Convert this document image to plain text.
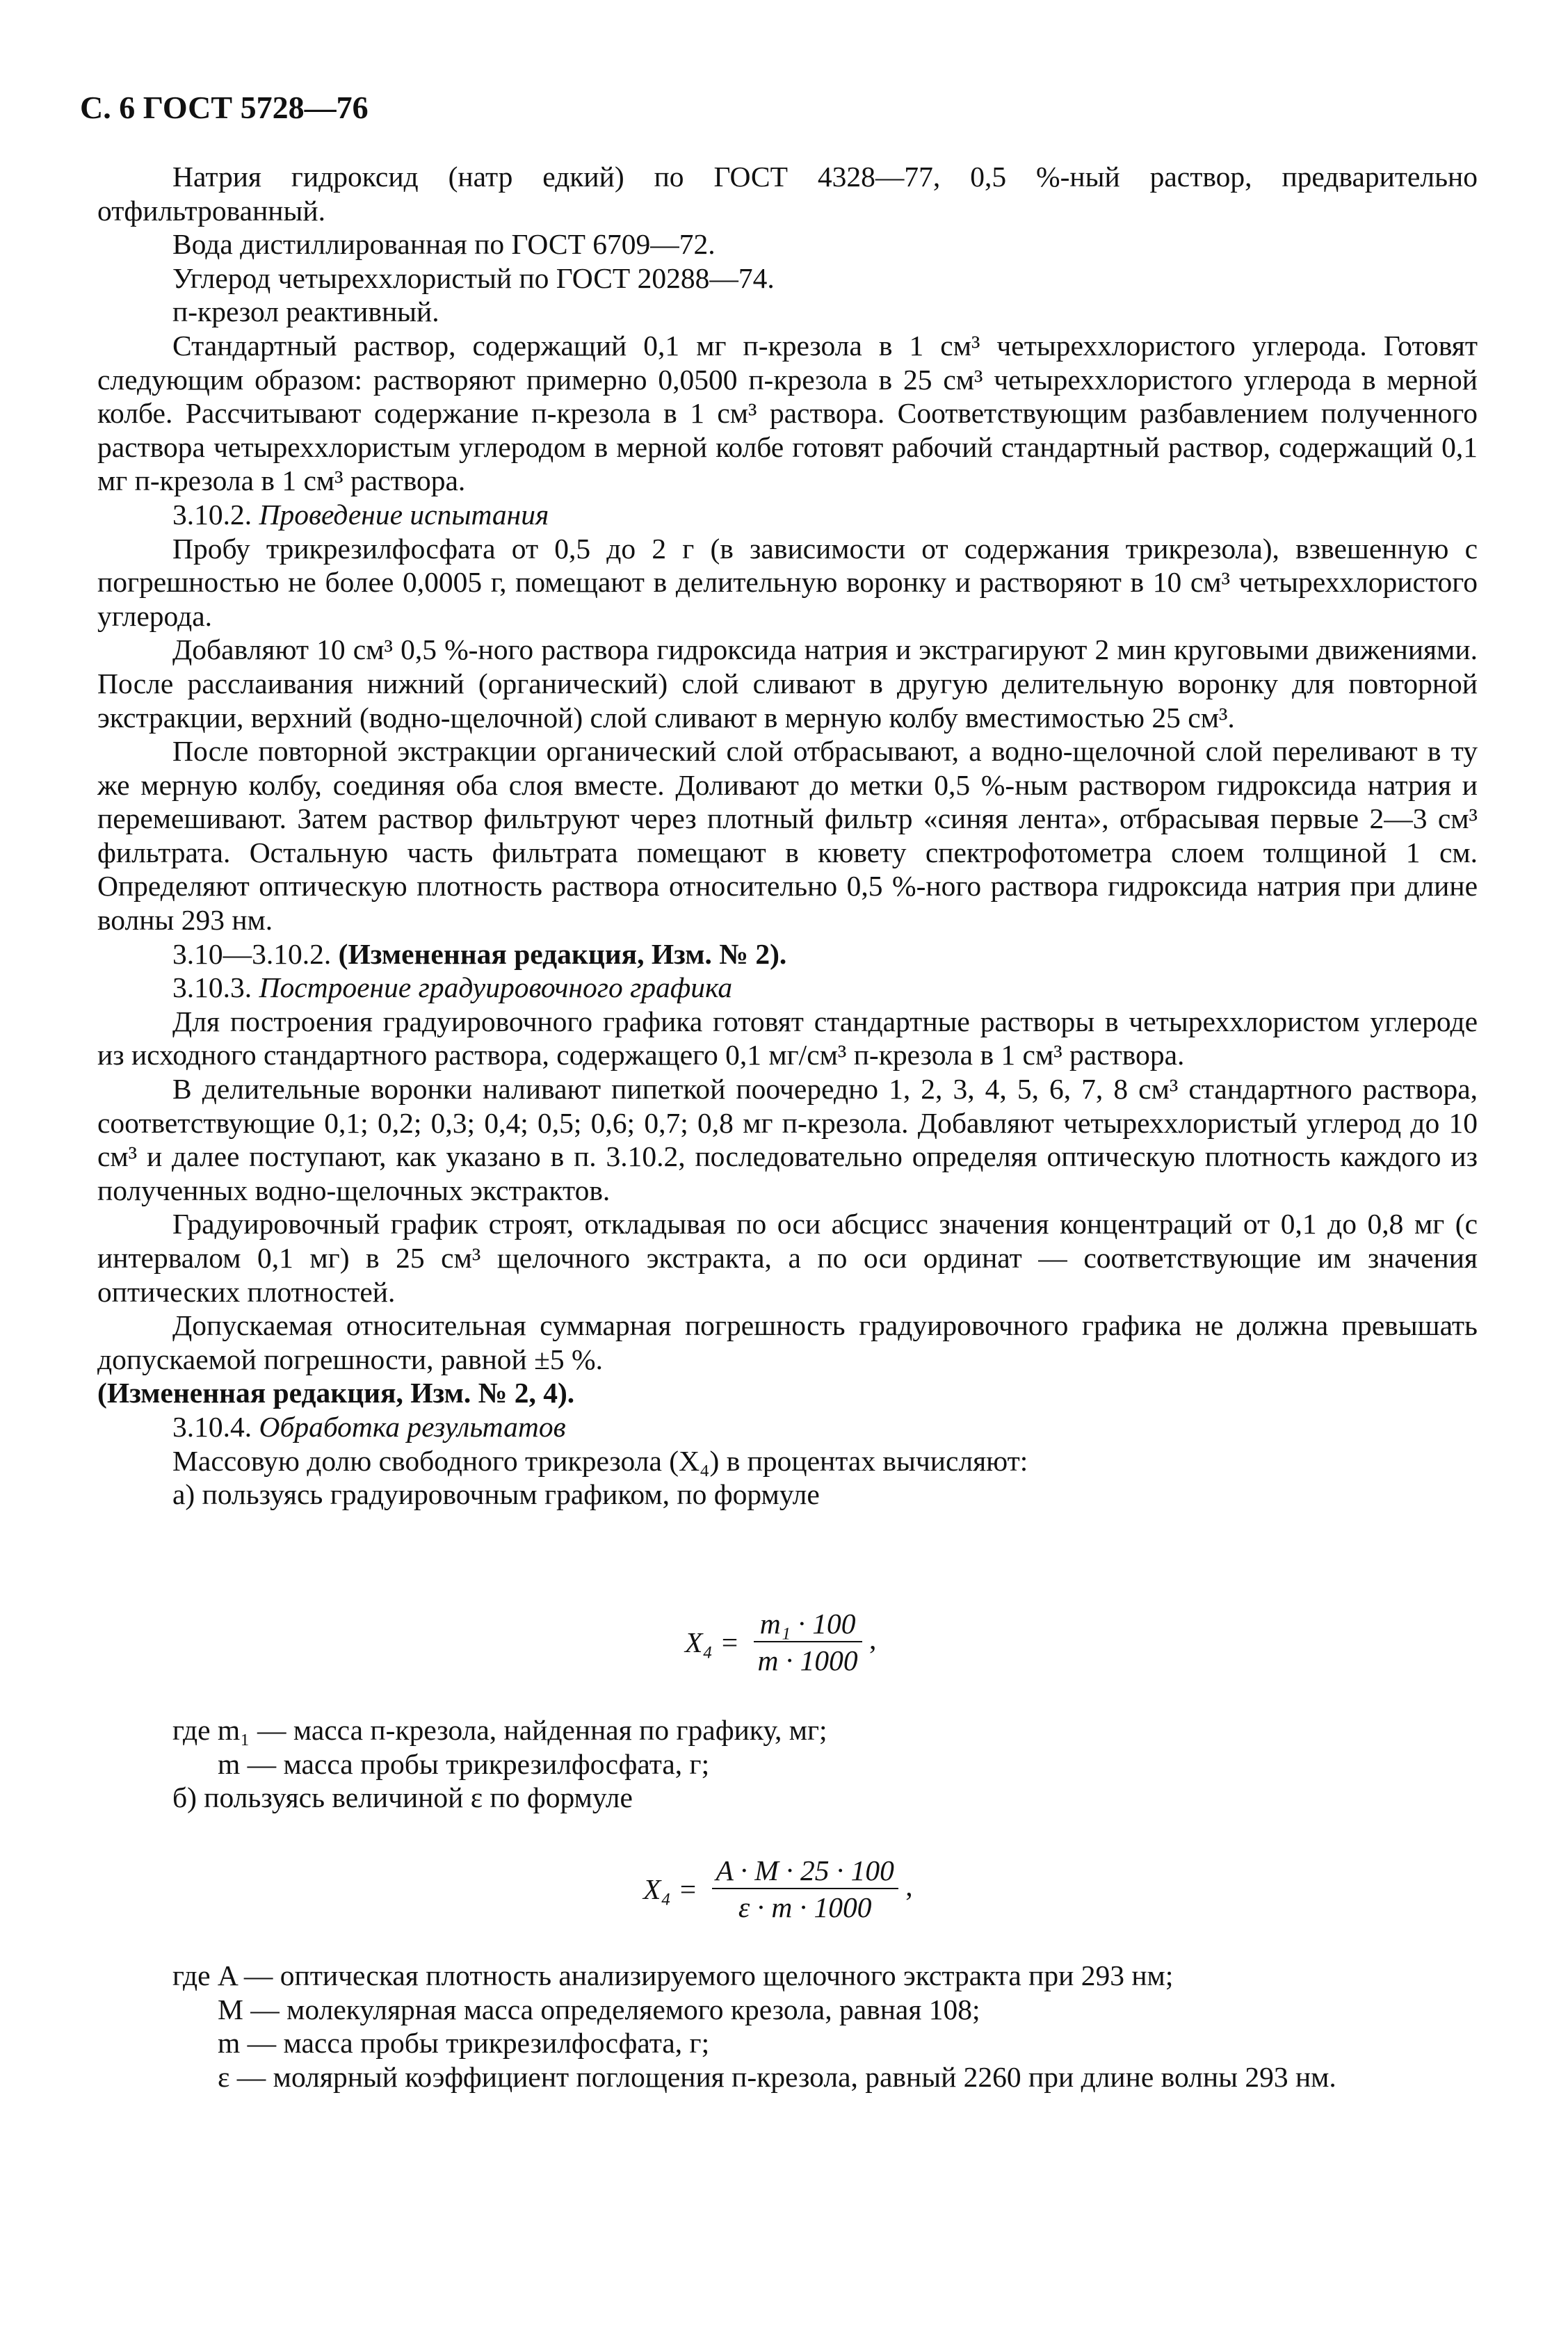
С. 6 ГОСТ 5728—76

Натрия гидроксид (натр едкий) по ГОСТ 4328—77, 0,5 %-ный раствор, предварительно отфильтрованный.

Вода дистиллированная по ГОСТ 6709—72.

Углерод четыреххлористый по ГОСТ 20288—74.

п-крезол реактивный.

Стандартный раствор, содержащий 0,1 мг п-крезола в 1 см³ четыреххлористого углерода. Готовят следующим образом: растворяют примерно 0,0500 п-крезола в 25 см³ четыреххлористого углерода в мерной колбе. Рассчитывают содержание п-крезола в 1 см³ раствора. Соответствующим разбавлением полученного раствора четыреххлористым углеродом в мерной колбе готовят рабочий стандартный раствор, содержащий 0,1 мг п-крезола в 1 см³ раствора.

3.10.2. Проведение испытания

Пробу трикрезилфосфата от 0,5 до 2 г (в зависимости от содержания трикрезола), взвешенную с погрешностью не более 0,0005 г, помещают в делительную воронку и растворяют в 10 см³ четыреххлористого углерода.

Добавляют 10 см³ 0,5 %-ного раствора гидроксида натрия и экстрагируют 2 мин круговыми движениями. После расслаивания нижний (органический) слой сливают в другую делительную воронку для повторной экстракции, верхний (водно-щелочной) слой сливают в мерную колбу вместимостью 25 см³.

После повторной экстракции органический слой отбрасывают, а водно-щелочной слой переливают в ту же мерную колбу, соединяя оба слоя вместе. Доливают до метки 0,5 %-ным раствором гидроксида натрия и перемешивают. Затем раствор фильтруют через плотный фильтр «синяя лента», отбрасывая первые 2—3 см³ фильтрата. Остальную часть фильтрата помещают в кювету спектрофотометра слоем толщиной 1 см. Определяют оптическую плотность раствора относительно 0,5 %-ного раствора гидроксида натрия при длине волны 293 нм.

3.10—3.10.2. (Измененная редакция, Изм. № 2).

3.10.3. Построение градуировочного графика

Для построения градуировочного графика готовят стандартные растворы в четыреххлористом углероде из исходного стандартного раствора, содержащего 0,1 мг/см³ п-крезола в 1 см³ раствора.

В делительные воронки наливают пипеткой поочередно 1, 2, 3, 4, 5, 6, 7, 8 см³ стандартного раствора, соответствующие 0,1; 0,2; 0,3; 0,4; 0,5; 0,6; 0,7; 0,8 мг п-крезола. Добавляют четыреххлористый углерод до 10 см³ и далее поступают, как указано в п. 3.10.2, последовательно определяя оптическую плотность каждого из полученных водно-щелочных экстрактов.

Градуировочный график строят, откладывая по оси абсцисс значения концентраций от 0,1 до 0,8 мг (с интервалом 0,1 мг) в 25 см³ щелочного экстракта, а по оси ординат — соответствующие им значения оптических плотностей.

Допускаемая относительная суммарная погрешность градуировочного графика не должна превышать допускаемой погрешности, равной ±5 %.

(Измененная редакция, Изм. № 2, 4).

3.10.4. Обработка результатов

Массовую долю свободного трикрезола (X₄) в процентах вычисляют:

а) пользуясь градуировочным графиком, по формуле

$X_4 = \frac{\text{m₁ · 100}}{m \cdot 1000}$ ,
где m₁ — масса п-крезола, найденная по графику, мг;
m — масса пробы трикрезилфосфата, г;
б) пользуясь величиной ε по формуле
$X_4 = \frac{A \cdot M \cdot 25 \cdot 100}{\varepsilon \cdot m \cdot 1000}$ ,
где A — оптическая плотность анализируемого щелочного экстракта при 293 нм;
M — молекулярная масса определяемого крезола, равная 108;
m — масса пробы трикрезилфосфата, г;
ε — молярный коэффициент поглощения п-крезола, равный 2260 при длине волны 293 нм.
